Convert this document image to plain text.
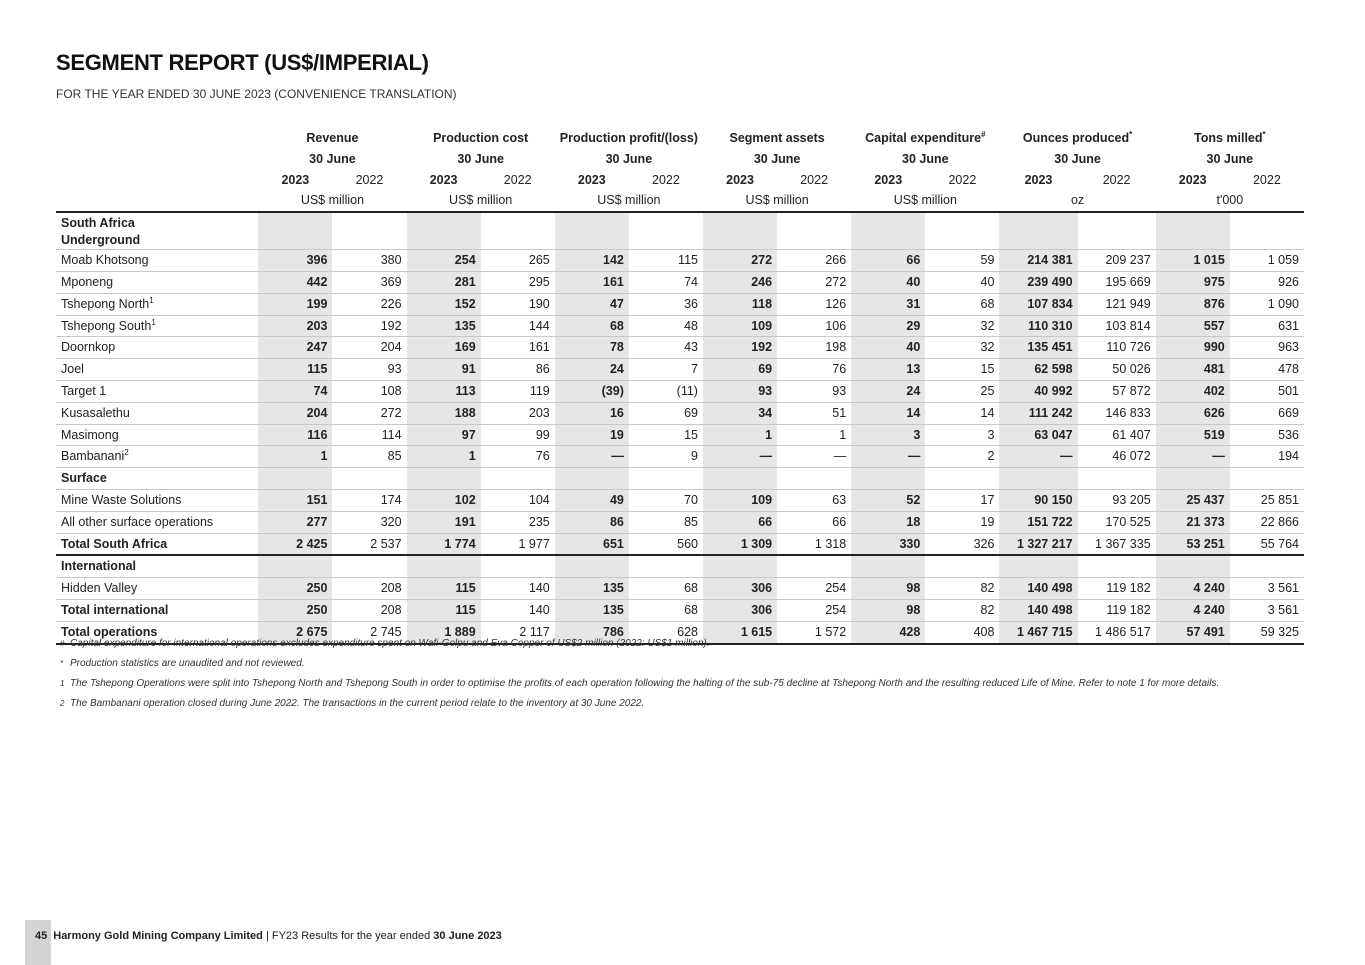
SEGMENT REPORT (US$/IMPERIAL)
FOR THE YEAR ENDED 30 JUNE 2023 (CONVENIENCE TRANSLATION)
	Revenue		Production cost		Production profit/(loss)		Segment assets		Capital expenditure#		Ounces produced*		Tons milled*
	30 June		30 June		30 June		30 June		30 June		30 June		30 June	
	2023	2022	2023	2022	2023	2022	2023	2022	2023	2022	2023	2022	2023	2022
	US$ million		US$ million		US$ million		US$ million		US$ million		oz		t'000	
South Africa
Underground														
Moab Khotsong	396	380	254	265	142	115	272	266	66	59	214 381	209 237	1 015	1 059
Mponeng	442	369	281	295	161	74	246	272	40	40	239 490	195 669	975	926
Tshepong North$^1$	199	226	152	190	47	36	118	126	31	68	107 834	121 949	876	1 090
Tshepong South$^1$	203	192	135	144	68	48	109	106	29	32	110 310	103 814	557	631
Doornkop	247	204	169	161	78	43	192	198	40	32	135 451	110 726	990	963
Joel	115	93	91	86	24	7	69	76	13	15	62 598	50 026	481	478
Target 1	74	108	113	119	(39)	(11)	93	93	24	25	40 992	57 872	402	501
Kusasalethu	204	272	188	203	16	69	34	51	14	14	111 242	146 833	626	669
Masimong	116	114	97	99	19	15	1	1	3	3	63 047	61 407	519	536
Bambanani$^2$	1	85	1	76	—	9	—	—	—	2	—	46 072	—	194
Surface														
Mine Waste Solutions	151	174	102	104	49	70	109	63	52	17	90 150	93 205	25 437	25 851
All other surface operations	277	320	191	235	86	85	66	66	18	19	151 722	170 525	21 373	22 866
Total South Africa	2 425	2 537	1 774	1 977	651	560	1 309	1 318	330	326	1 327 217	1 367 335	53 251	55 764
International														
Hidden Valley	250	208	115	140	135	68	306	254	98	82	140 498	119 182	4 240	3 561
Total international	250	208	115	140	135	68	306	254	98	82	140 498	119 182	4 240	3 561
Total operations	2 675	2 745	1 889	2 117	786	628	1 615	1 572	428	408	1 467 715	1 486 517	57 491	59 325
# Capital expenditure for international operations excludes expenditure spent on Wafi-Golpu and Eva Copper of US$2 million (2022: US$1 million).
* Production statistics are unaudited and not reviewed.
1 The Tshepong Operations were split into Tshepong North and Tshepong South in order to optimise the profits of each operation following the halting of the sub-75 decline at Tshepong North and the resulting reduced Life of Mine. Refer to note 1 for more details.
2 The Bambanani operation closed during June 2022. The transactions in the current period relate to the inventory at 30 June 2022.
45 Harmony Gold Mining Company Limited | FY23 Results for the year ended 30 June 2023
